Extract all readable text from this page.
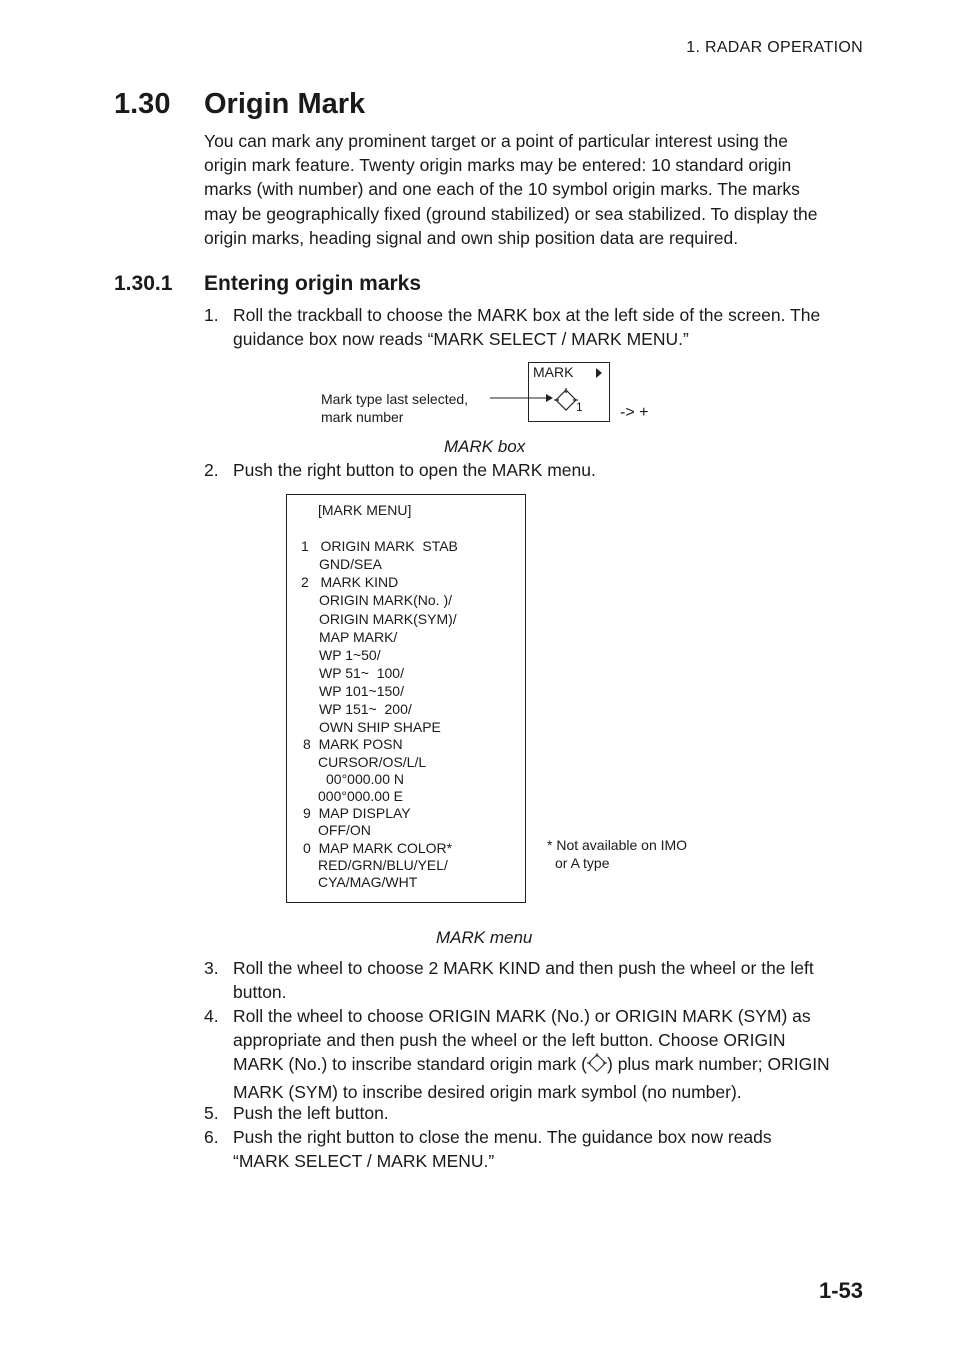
1. RADAR OPERATION
1.30 Origin Mark

You can mark any prominent target or a point of particular interest using the

origin mark feature. Twenty origin marks may be entered: 10 standard origin

marks (with number) and one each of the 10 symbol origin marks. The marks

may be geographically fixed (ground stabilized) or sea stabilized. To display the

origin marks, heading signal and own ship position data are required.

1.30.1 Entering origin marks
1. Roll the trackball to choose the MARK box at the left side of the screen. The
guidance box now reads “MARK SELECT / MARK MENU.”
MARK
1
Mark type last selected,
mark number	-> +
MARK box
2. Push the right button to open the MARK menu.
[MARK MENU]
1   ORIGIN MARK  STAB
GND/SEA
2   MARK KIND
ORIGIN MARK(No. )/
ORIGIN MARK(SYM)/
MAP MARK/
WP 1~50/
WP 51~  100/
WP 101~150/
WP 151~  200/
OWN SHIP SHAPE
8  MARK POSN
CURSOR/OS/L/L
00°000.00 N
000°000.00 E
9  MAP DISPLAY
OFF/ON
0  MAP MARK COLOR*
RED/GRN/BLU/YEL/
CYA/MAG/WHT
* Not available on IMO
or A type
MARK menu
3. Roll the wheel to choose 2 MARK KIND and then push the wheel or the left
button.
4. Roll the wheel to choose ORIGIN MARK (No.) or ORIGIN MARK (SYM) as
appropriate and then push the wheel or the left button. Choose ORIGIN
MARK (No.) to inscribe standard origin mark ( ) plus mark number; ORIGIN
MARK (SYM) to inscribe desired origin mark symbol (no number).
5. Push the left button.
6. Push the right button to close the menu. The guidance box now reads
“MARK SELECT / MARK MENU.”
1-53
